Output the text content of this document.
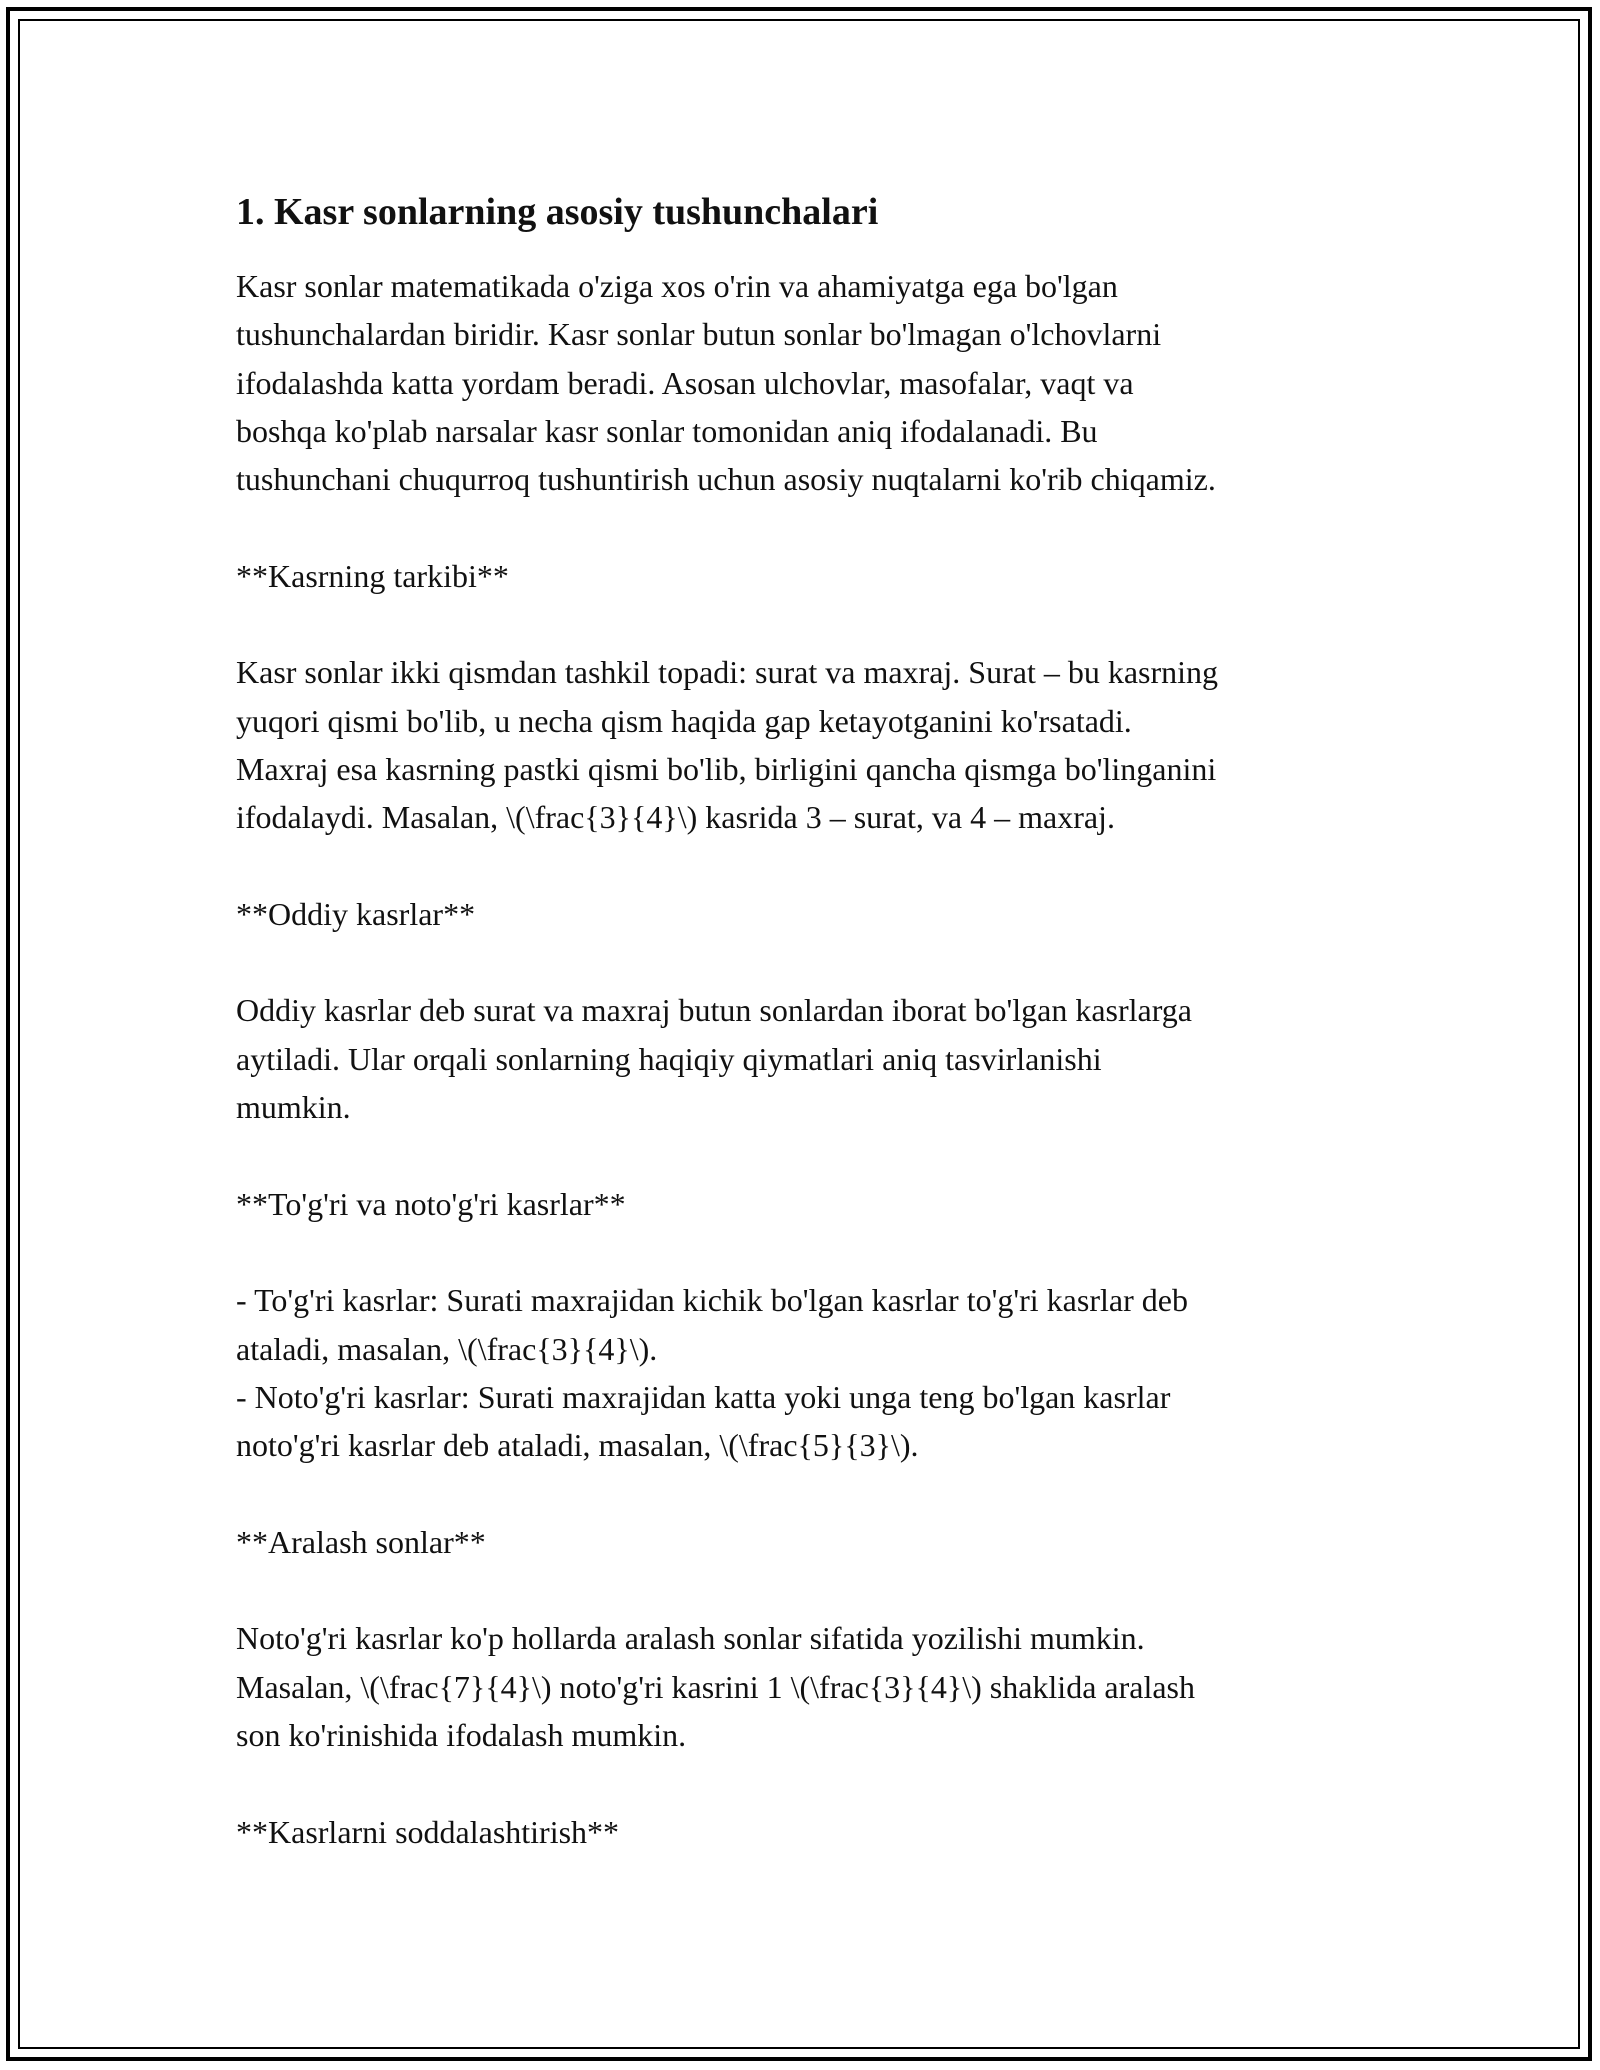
1. Kasr sonlarning asosiy tushunchalari

Kasr sonlar matematikada o'ziga xos o'rin va ahamiyatga ega bo'lgan
tushunchalardan biridir. Kasr sonlar butun sonlar bo'lmagan o'lchovlarni
ifodalashda katta yordam beradi. Asosan ulchovlar, masofalar, vaqt va
boshqa ko'plab narsalar kasr sonlar tomonidan aniq ifodalanadi. Bu
tushunchani chuqurroq tushuntirish uchun asosiy nuqtalarni ko'rib chiqamiz.

**Kasrning tarkibi**

Kasr sonlar ikki qismdan tashkil topadi: surat va maxraj. Surat – bu kasrning
yuqori qismi bo'lib, u necha qism haqida gap ketayotganini ko'rsatadi.
Maxraj esa kasrning pastki qismi bo'lib, birligini qancha qismga bo'linganini
ifodalaydi. Masalan, \(\frac{3}{4}\) kasrida 3 – surat, va 4 – maxraj.

**Oddiy kasrlar**

Oddiy kasrlar deb surat va maxraj butun sonlardan iborat bo'lgan kasrlarga
aytiladi. Ular orqali sonlarning haqiqiy qiymatlari aniq tasvirlanishi
mumkin.

**To'g'ri va noto'g'ri kasrlar**

- To'g'ri kasrlar: Surati maxrajidan kichik bo'lgan kasrlar to'g'ri kasrlar deb
ataladi, masalan, \(\frac{3}{4}\).
- Noto'g'ri kasrlar: Surati maxrajidan katta yoki unga teng bo'lgan kasrlar
noto'g'ri kasrlar deb ataladi, masalan, \(\frac{5}{3}\).

**Aralash sonlar**

Noto'g'ri kasrlar ko'p hollarda aralash sonlar sifatida yozilishi mumkin.
Masalan, \(\frac{7}{4}\) noto'g'ri kasrini 1 \(\frac{3}{4}\) shaklida aralash
son ko'rinishida ifodalash mumkin.

**Kasrlarni soddalashtirish**
